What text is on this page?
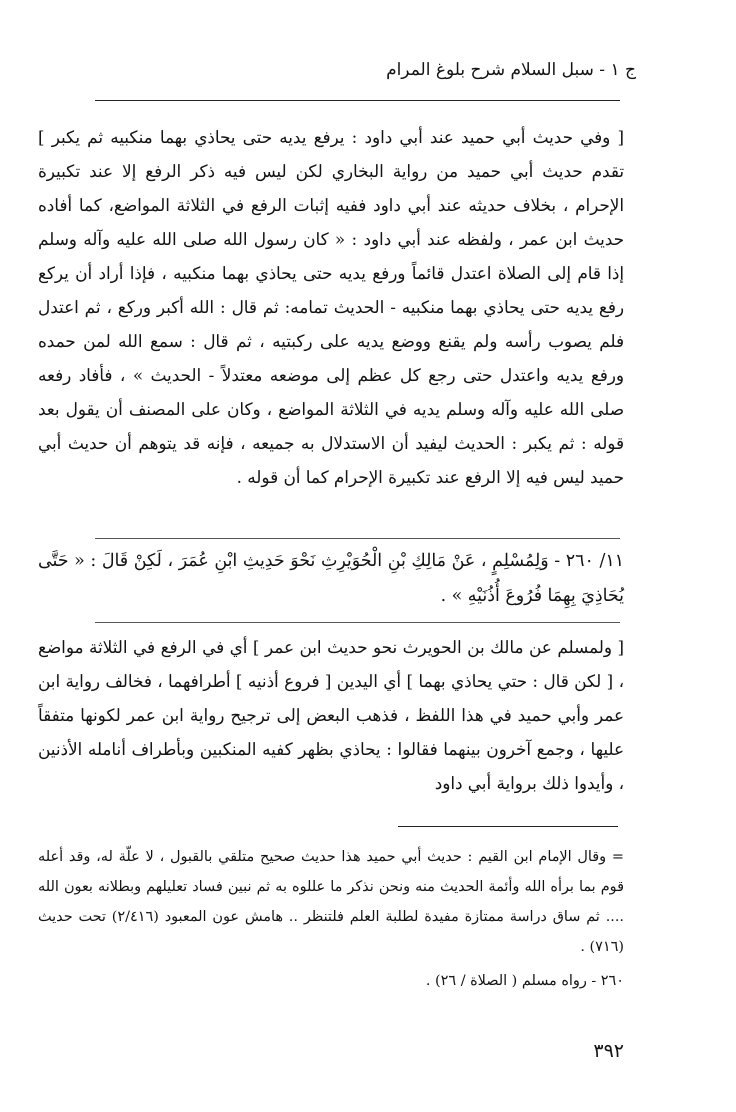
ج ١ - سبل السلام شرح بلوغ المرام

[ وفي حديث أبي حميد عند أبي داود : يرفع يديه حتى يحاذي بهما منكبيه ثم يكبر ] تقدم حديث أبي حميد من رواية البخاري لكن ليس فيه ذكر الرفع إلا عند تكبيرة الإحرام ، بخلاف حديثه عند أبي داود ففيه إثبات الرفع في الثلاثة المواضع، كما أفاده حديث ابن عمر ، ولفظه عند أبي داود : « كان رسول الله صلى الله عليه وآله وسلم إذا قام إلى الصلاة اعتدل قائماً ورفع يديه حتى يحاذي بهما منكبيه ، فإذا أراد أن يركع رفع يديه حتى يحاذي بهما منكبيه - الحديث تمامه: ثم قال : الله أكبر وركع ، ثم اعتدل فلم يصوب رأسه ولم يقنع ووضع يديه على ركبتيه ، ثم قال : سمع الله لمن حمده ورفع يديه واعتدل حتى رجع كل عظم إلى موضعه معتدلاً - الحديث » ، فأفاد رفعه صلى الله عليه وآله وسلم يديه في الثلاثة المواضع ، وكان على المصنف أن يقول بعد قوله : ثم يكبر : الحديث ليفيد أن الاستدلال به جميعه ، فإنه قد يتوهم أن حديث أبي حميد ليس فيه إلا الرفع عند تكبيرة الإحرام كما أن قوله .

١١/ ٢٦٠ - وَلِمُسْلِمٍ ، عَنْ مَالِكِ بْنِ الْحُوَيْرِثِ نَحْوَ حَدِيثِ ابْنِ عُمَرَ ، لَكِنْ قَالَ : « حَتَّى يُحَاذِيَ بِهِمَا فُرُوعَ أُذُنَيْهِ » .

[ ولمسلم عن مالك بن الحويرث نحو حديث ابن عمر ] أي في الرفع في الثلاثة مواضع ، [ لكن قال : حتي يحاذي بهما ] أي اليدين [ فروع أذنيه ] أطرافهما ، فخالف رواية ابن عمر وأبي حميد في هذا اللفظ ، فذهب البعض إلى ترجيح رواية ابن عمر لكونها متفقاً عليها ، وجمع آخرون بينهما فقالوا : يحاذي بظهر كفيه المنكبين وبأطراف أنامله الأذنين ، وأيدوا ذلك برواية أبي داود

= وقال الإمام ابن القيم : حديث أبي حميد هذا حديث صحيح متلقي بالقبول ، لا علّة له، وقد أعله قوم بما برأه الله وأئمة الحديث منه ونحن نذكر ما عللوه به ثم نبين فساد تعليلهم وبطلانه بعون الله .... ثم ساق دراسة ممتازة مفيدة لطلبة العلم فلتنظر .. هامش عون المعبود (٢/٤١٦) تحت حديث (٧١٦) .

٢٦٠ - رواه مسلم ( الصلاة / ٢٦) .

٣٩٢
